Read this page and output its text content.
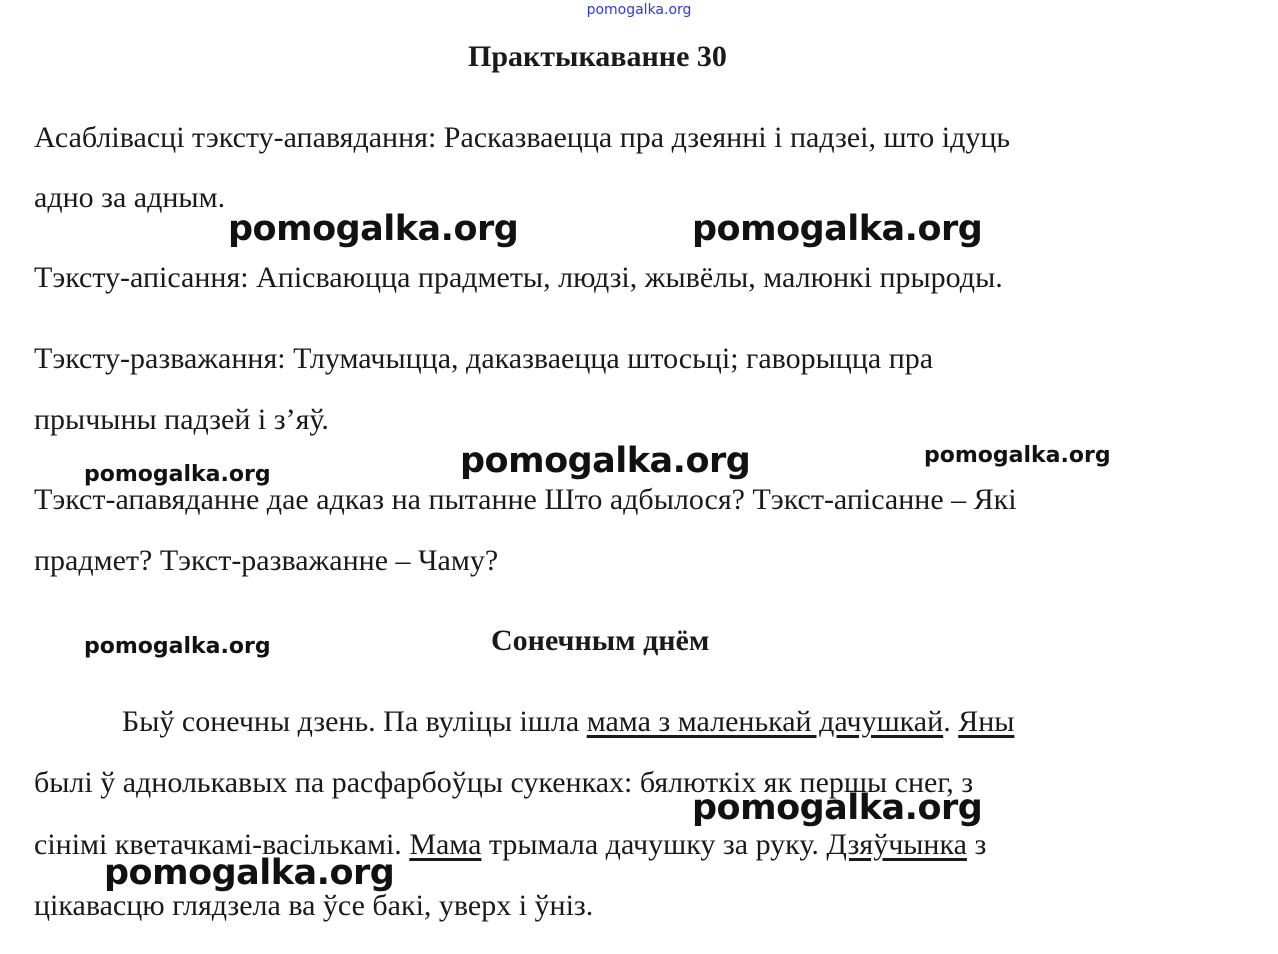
pomogalka.org
Практыкаванне 30
Асаблівасці тэксту-апавядання: Расказваецца пра дзеянні і падзеі, што ідуць
адно за адным.
Тэксту-апісання: Апісваюцца прадметы, людзі, жывёлы, малюнкі прыроды.
Тэксту-разважання: Тлумачыцца, даказваецца штосьці; гаворыцца пра
прычыны падзей і з’яў.
Тэкст-апавяданне дае адказ на пытанне Што адбылося? Тэкст-апісанне – Які
прадмет? Тэкст-разважанне – Чаму?
Сонечным днём
Быў сонечны дзень. Па вуліцы ішла мама з маленькай дачушкай. Яны
былі ў аднолькавых па расфарбоўцы сукенках: бялюткіх як першы снег, з
сінімі кветачкамі-васількамі. Мама трымала дачушку за руку. Дзяўчынка з
цікавасцю глядзела ва ўсе бакі, уверх і ўніз.
pomogalka.org	pomogalka.org
pomogalka.org
pomogalka.org
pomogalka.org
pomogalka.org
pomogalka.org
pomogalka.org
